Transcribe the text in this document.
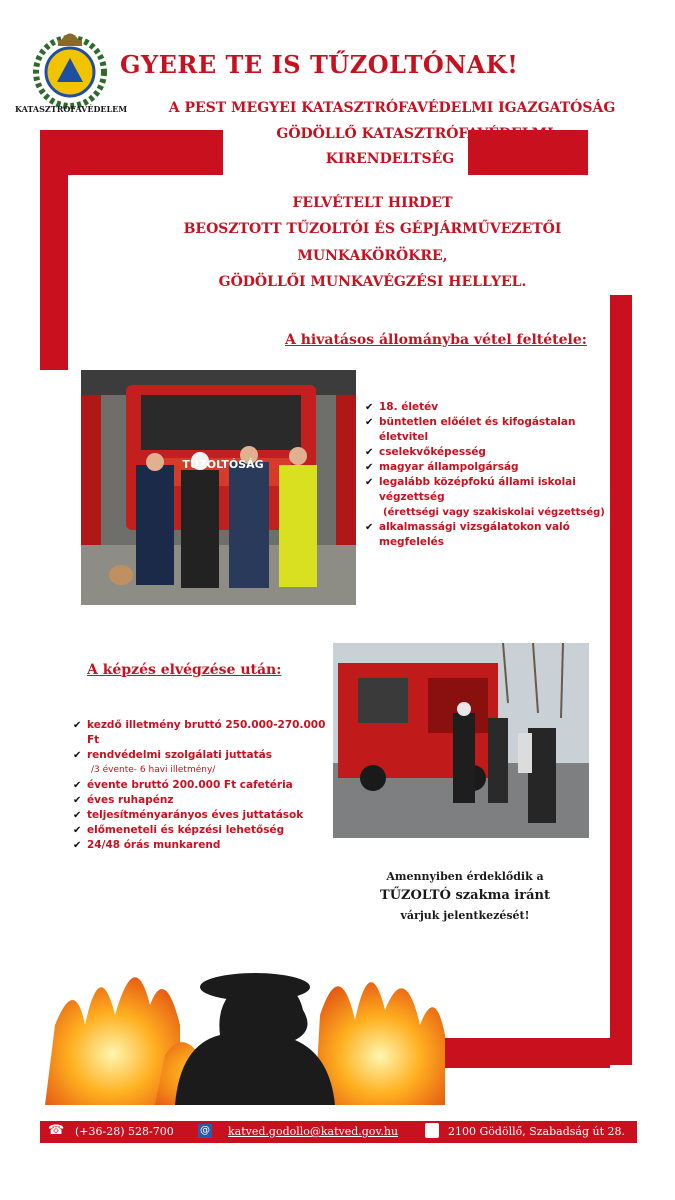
KATASZTRÓFAVÉDELEM
GYERE TE IS TŰZOLTÓNAK!
A PEST MEGYEI KATASZTRÓFAVÉDELMI IGAZGATÓSÁG
GÖDÖLLŐ KATASZTRÓFAVÉDELMI
KIRENDELTSÉG
FELVÉTELT HIRDET
BEOSZTOTT TŰZOLTÓI ÉS GÉPJÁRMŰVEZETŐI
MUNKAKÖRÖKRE,
GÖDÖLLŐI MUNKAVÉGZÉSI HELLYEL.
A hivatásos állományba vétel feltétele:
TŰZOLTÓSÁG
✔ 18. életév
✔ büntetlen előélet és kifogástalan életvitel
✔ cselekvőképesség
✔ magyar állampolgárság
✔ legalább középfokú állami iskolai végzettség
(érettségi vagy szakiskolai végzettség)
✔ alkalmassági vizsgálatokon való megfelelés
A képzés elvégzése után:
✔ kezdő illetmény bruttó 250.000-270.000 Ft
✔ rendvédelmi szolgálati juttatás
/3 évente- 6 havi illetmény/
✔ évente bruttó 200.000 Ft cafetéria
✔ éves ruhapénz
✔ teljesítményarányos éves juttatások
✔ előmeneteli és képzési lehetőség
✔ 24/48 órás munkarend
Amennyiben érdeklődik a
TŰZOLTÓ szakma iránt
várjuk jelentkezését!
☎ (+36-28) 528-700	@ katved.godollo@katved.gov.hu	2100 Gödöllő, Szabadság út 28.
